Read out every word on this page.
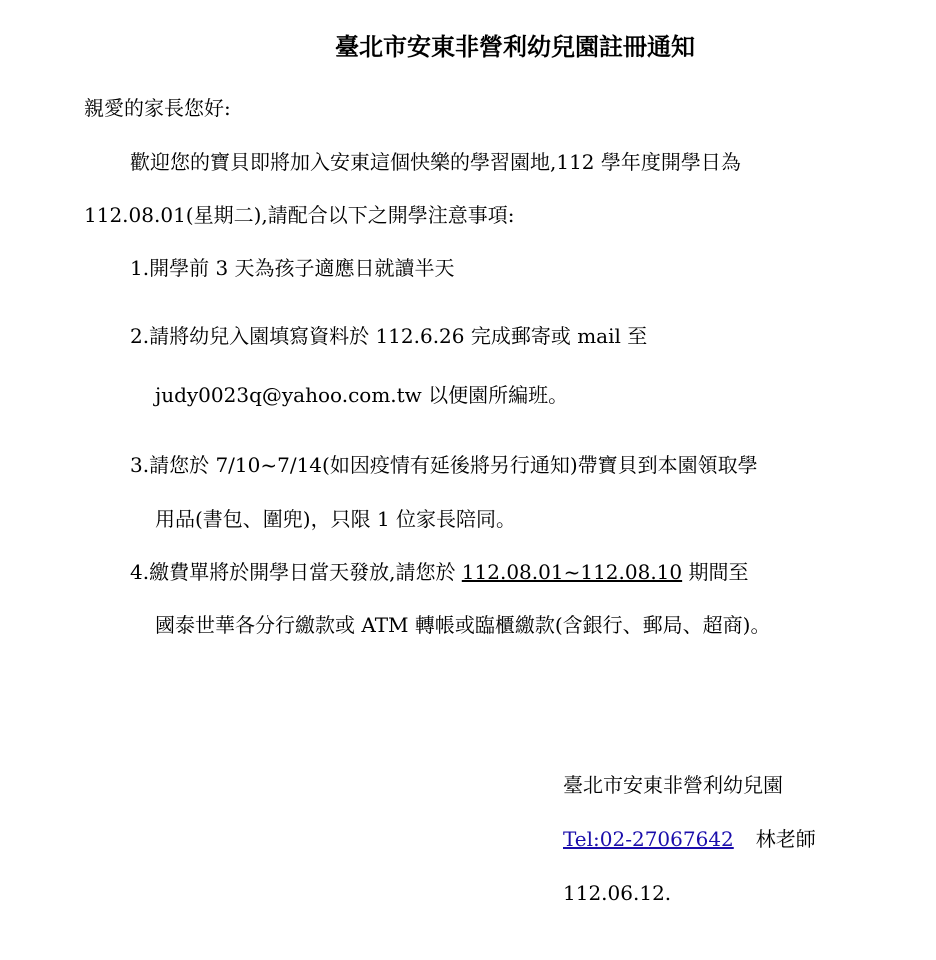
臺北市安東非營利幼兒園註冊通知
親愛的家長您好:
歡迎您的寶貝即將加入安東這個快樂的學習園地,112 學年度開學日為
112.08.01(星期二),請配合以下之開學注意事項:
1.開學前 3 天為孩子適應日就讀半天
2.請將幼兒入園填寫資料於 112.6.26 完成郵寄或 mail 至
judy0023q@yahoo.com.tw 以便園所編班。
3.請您於 7/10~7/14(如因疫情有延後將另行通知)帶寶貝到本園領取學
用品(書包、圍兜)，只限 1 位家長陪同。
4.繳費單將於開學日當天發放,請您於 112.08.01~112.08.10 期間至
國泰世華各分行繳款或 ATM 轉帳或臨櫃繳款(含銀行、郵局、超商)。
臺北市安東非營利幼兒園
Tel:02-27067642 林老師
112.06.12.
